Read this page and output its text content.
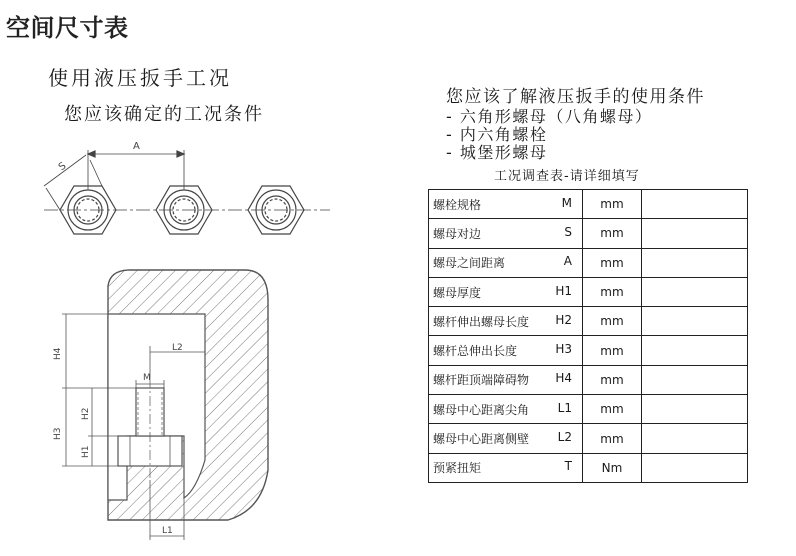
空间尺寸表
使用液压扳手工况
您应该确定的工况条件
您应该了解液压扳手的使用条件
- 六角形螺母（八角螺母）
- 内六角螺栓
- 城堡形螺母
A
S
M
L2
L1
H4
H3
H2
H1
工况调查表-请详细填写
螺栓规格 M	mm	

螺母对边 S	mm	

螺母之间距离 A	mm	

螺母厚度 H1	mm	

螺杆伸出螺母长度 H2	mm	

螺杆总伸出长度 H3	mm	

螺杆距顶端障碍物 H4	mm	

螺母中心距离尖角 L1	mm	

螺母中心距离侧壁 L2	mm	

预紧扭矩 T	Nm	
